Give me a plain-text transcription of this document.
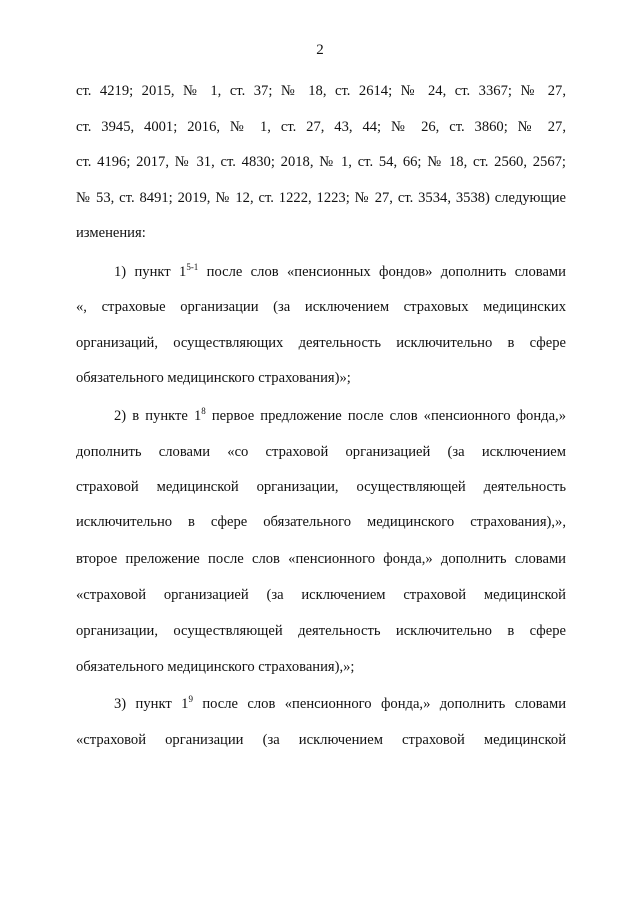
2
ст. 4219; 2015, № 1, ст. 37; № 18, ст. 2614; № 24, ст. 3367; № 27,
ст. 3945, 4001; 2016, № 1, ст. 27, 43, 44; № 26, ст. 3860; № 27,
ст. 4196; 2017, № 31, ст. 4830; 2018, № 1, ст. 54, 66; № 18, ст. 2560, 2567;
№ 53, ст. 8491; 2019, № 12, ст. 1222, 1223; № 27, ст. 3534, 3538) следующие
изменения:
1) пункт 1$^{5-1}$ после слов «пенсионных фондов» дополнить словами
«, страховые организации (за исключением страховых медицинских
организаций, осуществляющих деятельность исключительно в сфере
обязательного медицинского страхования)»;
2) в пункте $1^8$ первое предложение после слов «пенсионного фонда,»
дополнить словами «со страховой организацией (за исключением
страховой медицинской организации, осуществляющей деятельность
исключительно в сфере обязательного медицинского страхования),»,
второе преложение после слов «пенсионного фонда,» дополнить словами
«страховой организацией (за исключением страховой медицинской
организации, осуществляющей деятельность исключительно в сфере
обязательного медицинского страхования),»;
3) пункт $1^9$ после слов «пенсионного фонда,» дополнить словами
«страховой организации (за исключением страховой медицинской
